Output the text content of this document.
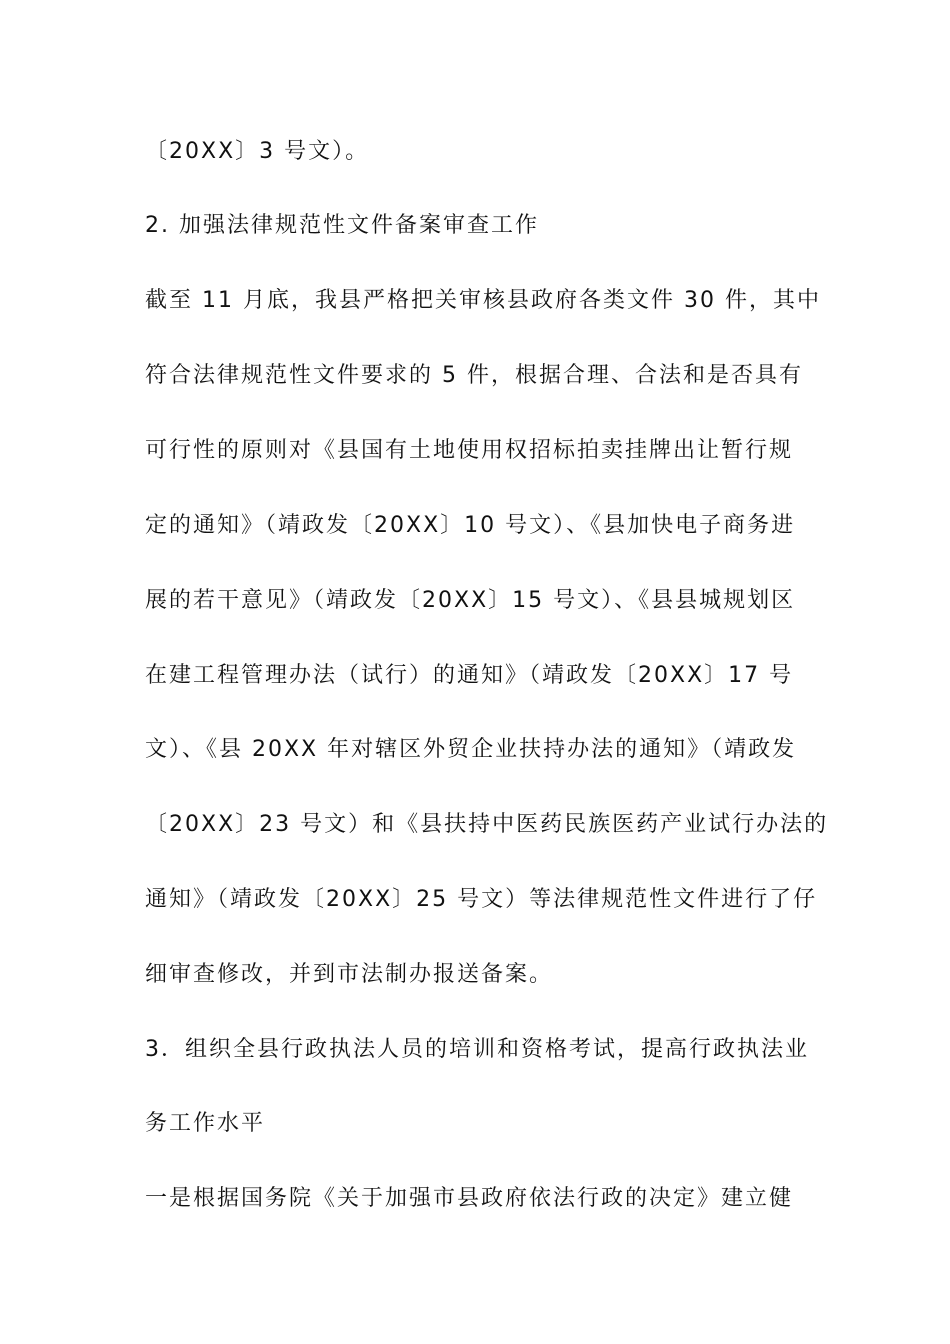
〔20XX〕3 号文）。
2. 加强法律规范性文件备案审查工作
截至 11 月底，我县严格把关审核县政府各类文件 30 件，其中
符合法律规范性文件要求的 5 件，根据合理、合法和是否具有
可行性的原则对《县国有土地使用权招标拍卖挂牌出让暂行规
定的通知》（靖政发〔20XX〕10 号文）、《县加快电子商务进
展的若干意见》（靖政发〔20XX〕15 号文）、《县县城规划区
在建工程管理办法（试行）的通知》（靖政发〔20XX〕17 号
文）、《县 20XX 年对辖区外贸企业扶持办法的通知》（靖政发
〔20XX〕23 号文）和《县扶持中医药民族医药产业试行办法的
通知》（靖政发〔20XX〕25 号文）等法律规范性文件进行了仔
细审查修改，并到市法制办报送备案。
3．组织全县行政执法人员的培训和资格考试，提高行政执法业
务工作水平
一是根据国务院《关于加强市县政府依法行政的决定》建立健
